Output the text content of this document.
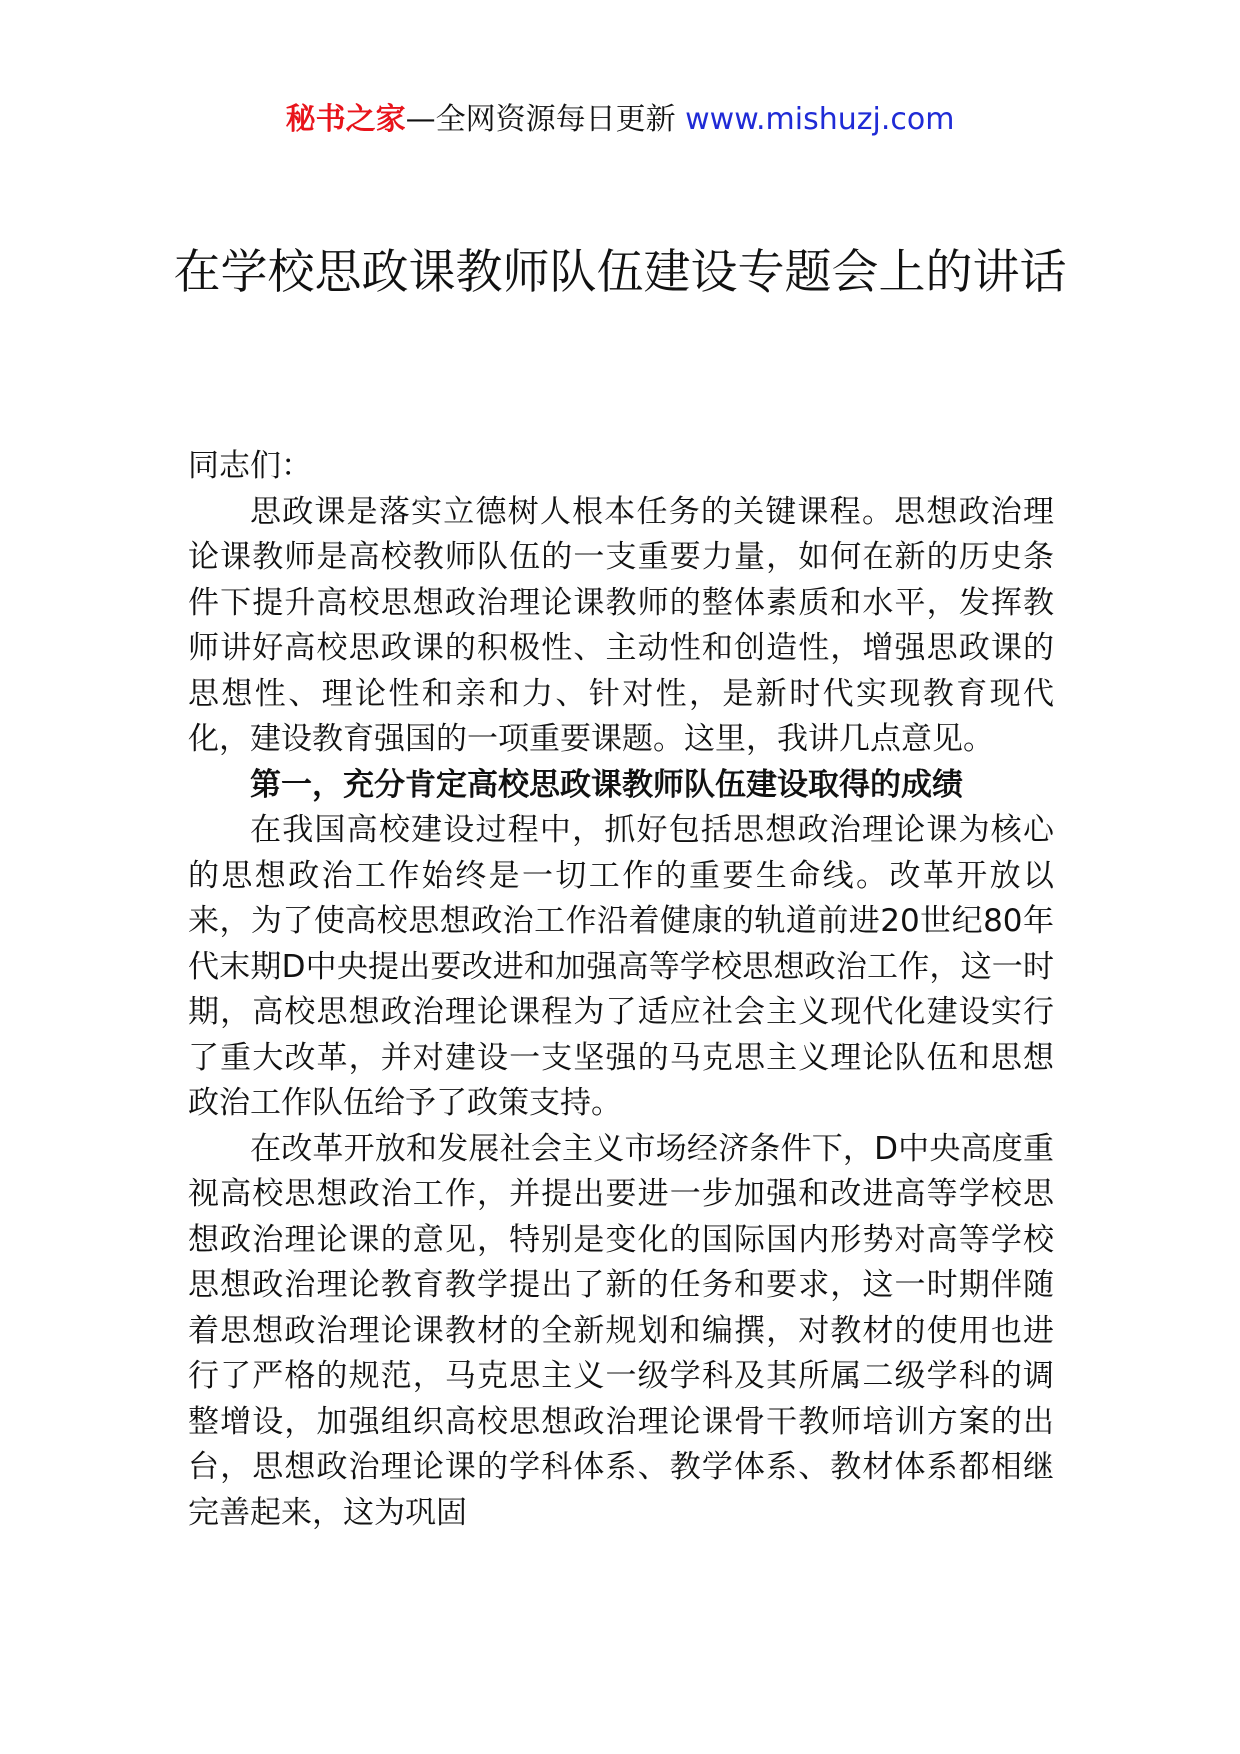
秘书之家—全网资源每日更新 www.mishuzj.com
在学校思政课教师队伍建设专题会上的讲话

同志们：

思政课是落实立德树人根本任务的关键课程。思想政治理论课教师是高校教师队伍的一支重要力量，如何在新的历史条件下提升高校思想政治理论课教师的整体素质和水平，发挥教师讲好高校思政课的积极性、主动性和创造性，增强思政课的思想性、理论性和亲和力、针对性，是新时代实现教育现代化，建设教育强国的一项重要课题。这里，我讲几点意见。

第一，充分肯定高校思政课教师队伍建设取得的成绩

在我国高校建设过程中，抓好包括思想政治理论课为核心的思想政治工作始终是一切工作的重要生命线。改革开放以来，为了使高校思想政治工作沿着健康的轨道前进20世纪80年代末期D中央提出要改进和加强高等学校思想政治工作，这一时期，高校思想政治理论课程为了适应社会主义现代化建设实行了重大改革，并对建设一支坚强的马克思主义理论队伍和思想政治工作队伍给予了政策支持。

在改革开放和发展社会主义市场经济条件下，D中央高度重视高校思想政治工作，并提出要进一步加强和改进高等学校思想政治理论课的意见，特别是变化的国际国内形势对高等学校思想政治理论教育教学提出了新的任务和要求，这一时期伴随着思想政治理论课教材的全新规划和编撰，对教材的使用也进行了严格的规范，马克思主义一级学科及其所属二级学科的调整增设，加强组织高校思想政治理论课骨干教师培训方案的出台，思想政治理论课的学科体系、教学体系、教材体系都相继完善起来，这为巩固
